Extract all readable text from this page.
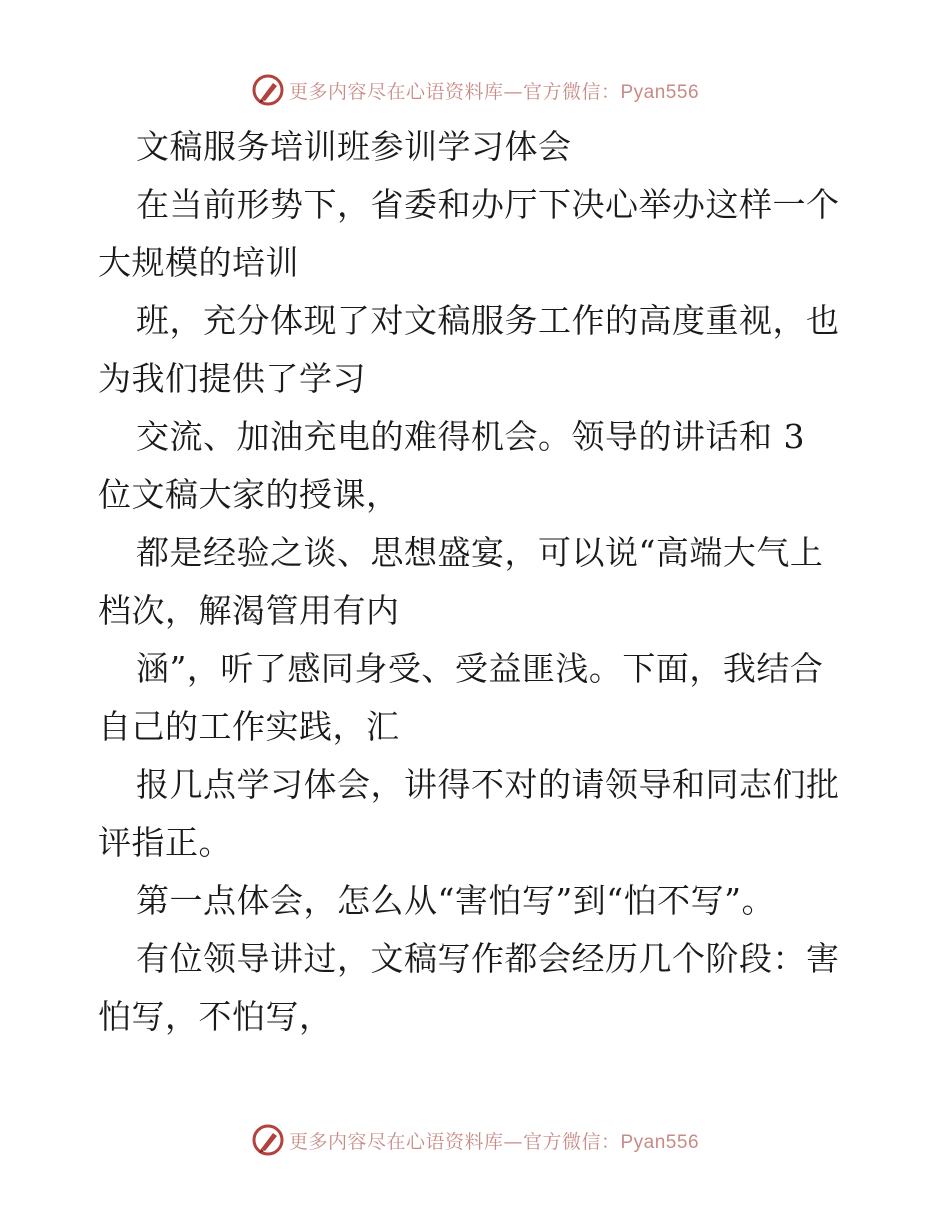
更多内容尽在心语资料库—官方微信：Pyan556
文稿服务培训班参训学习体会
在当前形势下，省委和办厅下决心举办这样一个
大规模的培训
班，充分体现了对文稿服务工作的高度重视，也
为我们提供了学习
交流、加油充电的难得机会。领导的讲话和 3
位文稿大家的授课，
都是经验之谈、思想盛宴，可以说“高端大气上
档次，解渴管用有内
涵”，听了感同身受、受益匪浅。下面，我结合
自己的工作实践，汇
报几点学习体会，讲得不对的请领导和同志们批
评指正。
第一点体会，怎么从“害怕写”到“怕不写”。
有位领导讲过，文稿写作都会经历几个阶段：害
怕写，不怕写，
更多内容尽在心语资料库—官方微信：Pyan556
